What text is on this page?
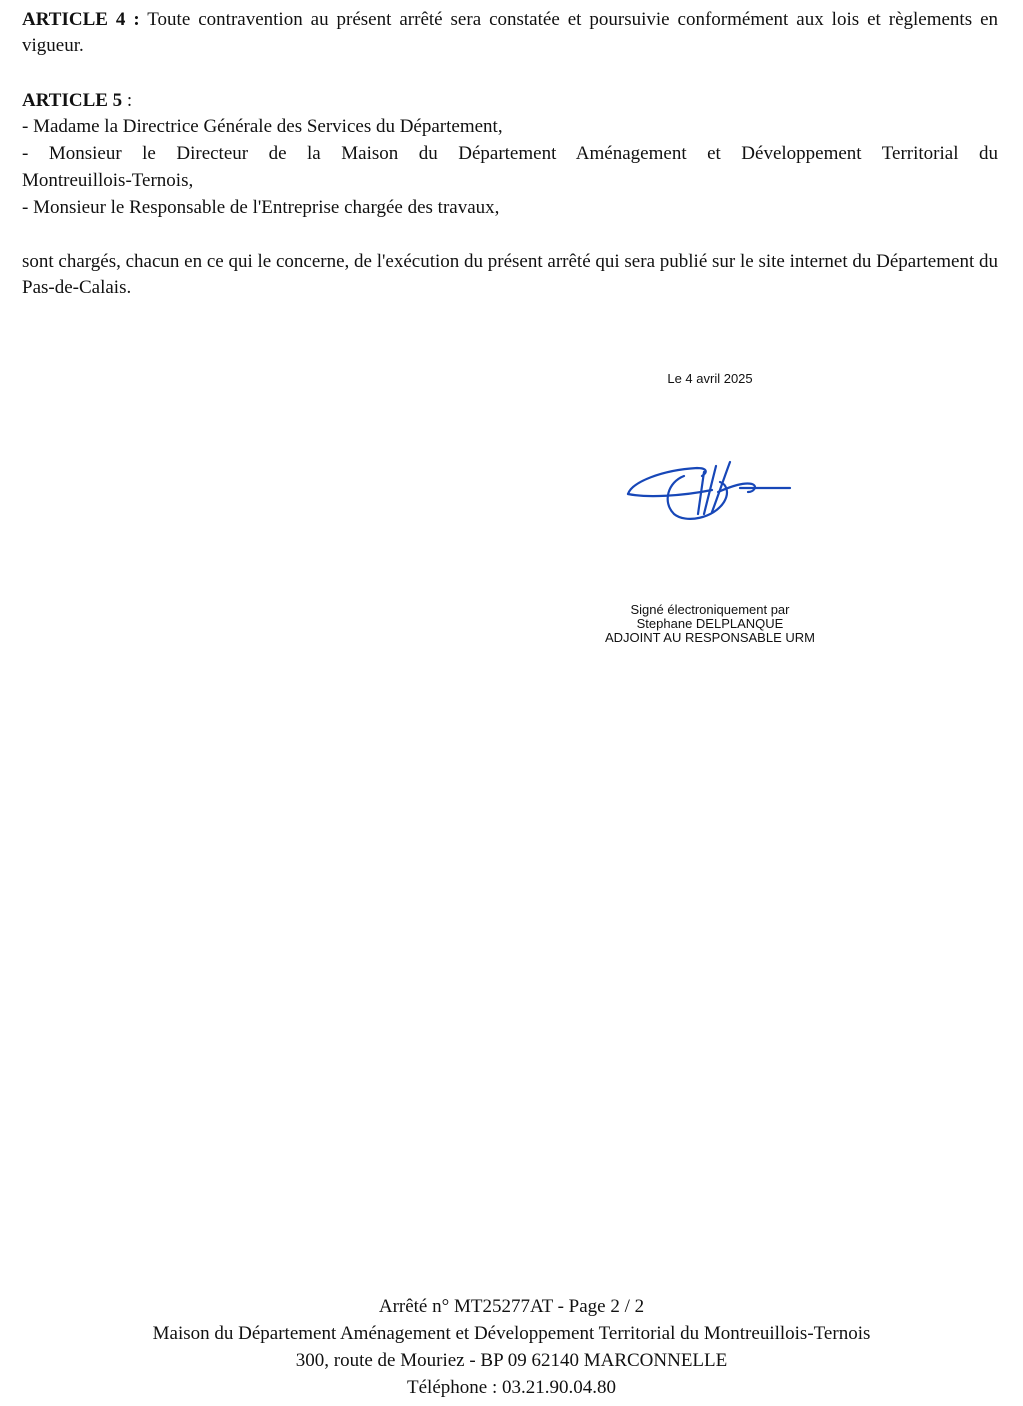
ARTICLE 4 : Toute contravention au présent arrêté sera constatée et poursuivie conformément aux lois et règlements en vigueur.
ARTICLE 5 :
- Madame la Directrice Générale des Services du Département,
- Monsieur le Directeur de la Maison du Département Aménagement et Développement Territorial du
Montreuillois-Ternois,
- Monsieur le Responsable de l'Entreprise chargée des travaux,
sont chargés, chacun en ce qui le concerne, de l'exécution du présent arrêté qui sera publié sur le site internet du Département du Pas-de-Calais.
Le 4 avril 2025
Signé électroniquement par
Stephane DELPLANQUE
ADJOINT AU RESPONSABLE URM
Arrêté n° MT25277AT - Page 2 / 2
Maison du Département Aménagement et Développement Territorial du Montreuillois-Ternois
300, route de Mouriez - BP 09 62140 MARCONNELLE
Téléphone : 03.21.90.04.80
